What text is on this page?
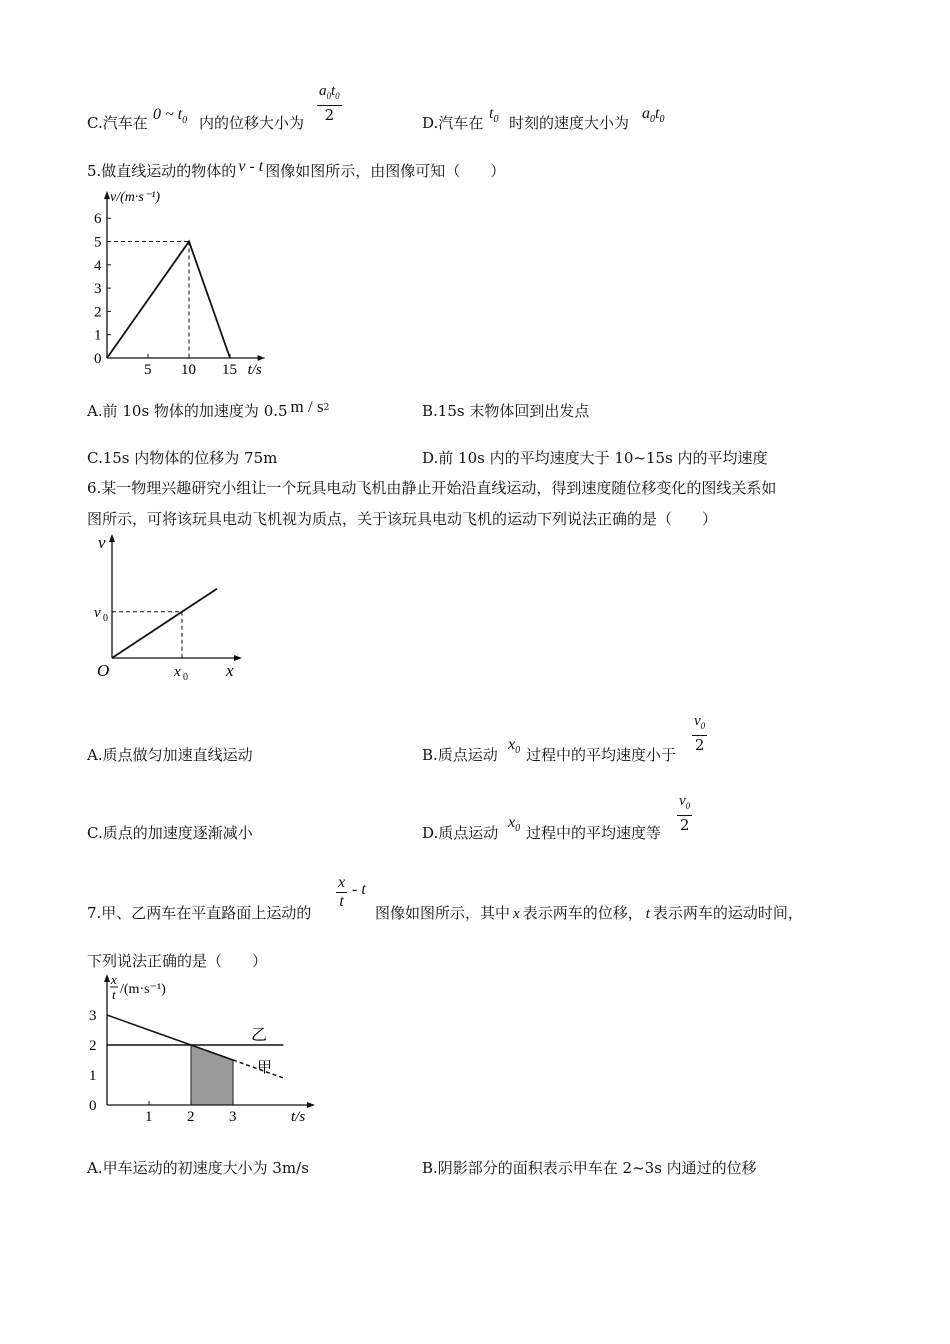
C.汽车在 0 ~ $t_0$ 内的位移大小为 $\frac{a_0t_0}{2}$	D.汽车在
$t_0$ 时刻的速度大小为
$a_0t_0$
5.做直线运动的物体的 v - t 图像如图所示，由图像可知（　　）
0
1
2
3
4
5
6
5 10 15
v/(m·s⁻¹)
t/s
A.前 10s 物体的加速度为 0.5 m / $s^2$	B.15s 末物体回到出发点
C.15s 内物体的位移为 75m	D.前 10s 内的平均速度大于 10~15s 内的平均速度
6.某一物理兴趣研究小组让一个玩具电动飞机由静止开始沿直线运动，得到速度随位移变化的图线关系如
图所示，可将该玩具电动飞机视为质点，关于该玩具电动飞机的运动下列说法正确的是（　　）
v
x
O
v 0
x 0
A.质点做匀加速直线运动	B.质点运动
$x_0$ 过程中的平均速度小于
$\frac{v_0}{2}$
C.质点的加速度逐渐减小	D.质点运动
$x_0$ 过程中的平均速度等 $\frac{v_0}{2}$
7.甲、乙两车在平直路面上运动的
$\frac{x}{t}$ - t
图像如图所示，其中 x 表示两车的位移， t 表示两车的运动时间，
下列说法正确的是（　　）
0
1
2
3
1 2 3
x
t /(m·s⁻¹)
t/s
乙
甲
A.甲车运动的初速度大小为 3m/s	B.阴影部分的面积表示甲车在 2~3s 内通过的位移
